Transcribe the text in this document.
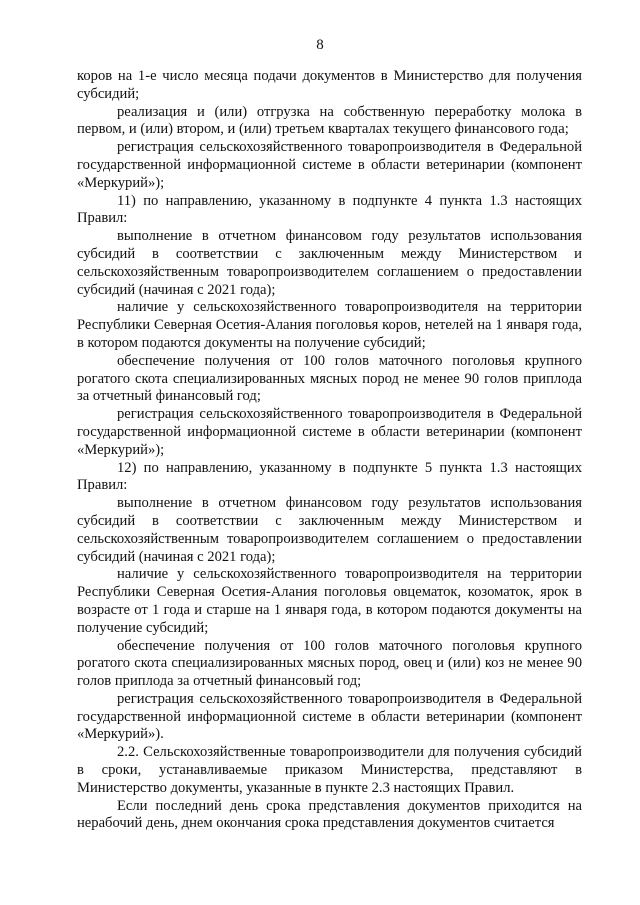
8

коров на 1-е число месяца подачи документов в Министерство для получения субсидий;

реализация и (или) отгрузка на собственную переработку молока в первом, и (или) втором, и (или) третьем кварталах текущего финансового года;

регистрация сельскохозяйственного товаропроизводителя в Федеральной государственной информационной системе в области ветеринарии (компонент «Меркурий»);

11) по направлению, указанному в подпункте 4 пункта 1.3 настоящих Правил:

выполнение в отчетном финансовом году результатов использования субсидий в соответствии с заключенным между Министерством и сельскохозяйственным товаропроизводителем соглашением о предоставлении субсидий (начиная с 2021 года);

наличие у сельскохозяйственного товаропроизводителя на территории Республики Северная Осетия-Алания поголовья коров, нетелей на 1 января года, в котором подаются документы на получение субсидий;

обеспечение получения от 100 голов маточного поголовья крупного рогатого скота специализированных мясных пород не менее 90 голов приплода за отчетный финансовый год;

регистрация сельскохозяйственного товаропроизводителя в Федеральной государственной информационной системе в области ветеринарии (компонент «Меркурий»);

12) по направлению, указанному в подпункте 5 пункта 1.3 настоящих Правил:

выполнение в отчетном финансовом году результатов использования субсидий в соответствии с заключенным между Министерством и сельскохозяйственным товаропроизводителем соглашением о предоставлении субсидий (начиная с 2021 года);

наличие у сельскохозяйственного товаропроизводителя на территории Республики Северная Осетия-Алания поголовья овцематок, козоматок, ярок в возрасте от 1 года и старше на 1 января года, в котором подаются документы на получение субсидий;

обеспечение получения от 100 голов маточного поголовья крупного рогатого скота специализированных мясных пород, овец и (или) коз не менее 90 голов приплода за отчетный финансовый год;

регистрация сельскохозяйственного товаропроизводителя в Федеральной государственной информационной системе в области ветеринарии (компонент «Меркурий»).

2.2. Сельскохозяйственные товаропроизводители для получения субсидий в сроки, устанавливаемые приказом Министерства, представляют в Министерство документы, указанные в пункте 2.3 настоящих Правил.

Если последний день срока представления документов приходится на нерабочий день, днем окончания срока представления документов считается
